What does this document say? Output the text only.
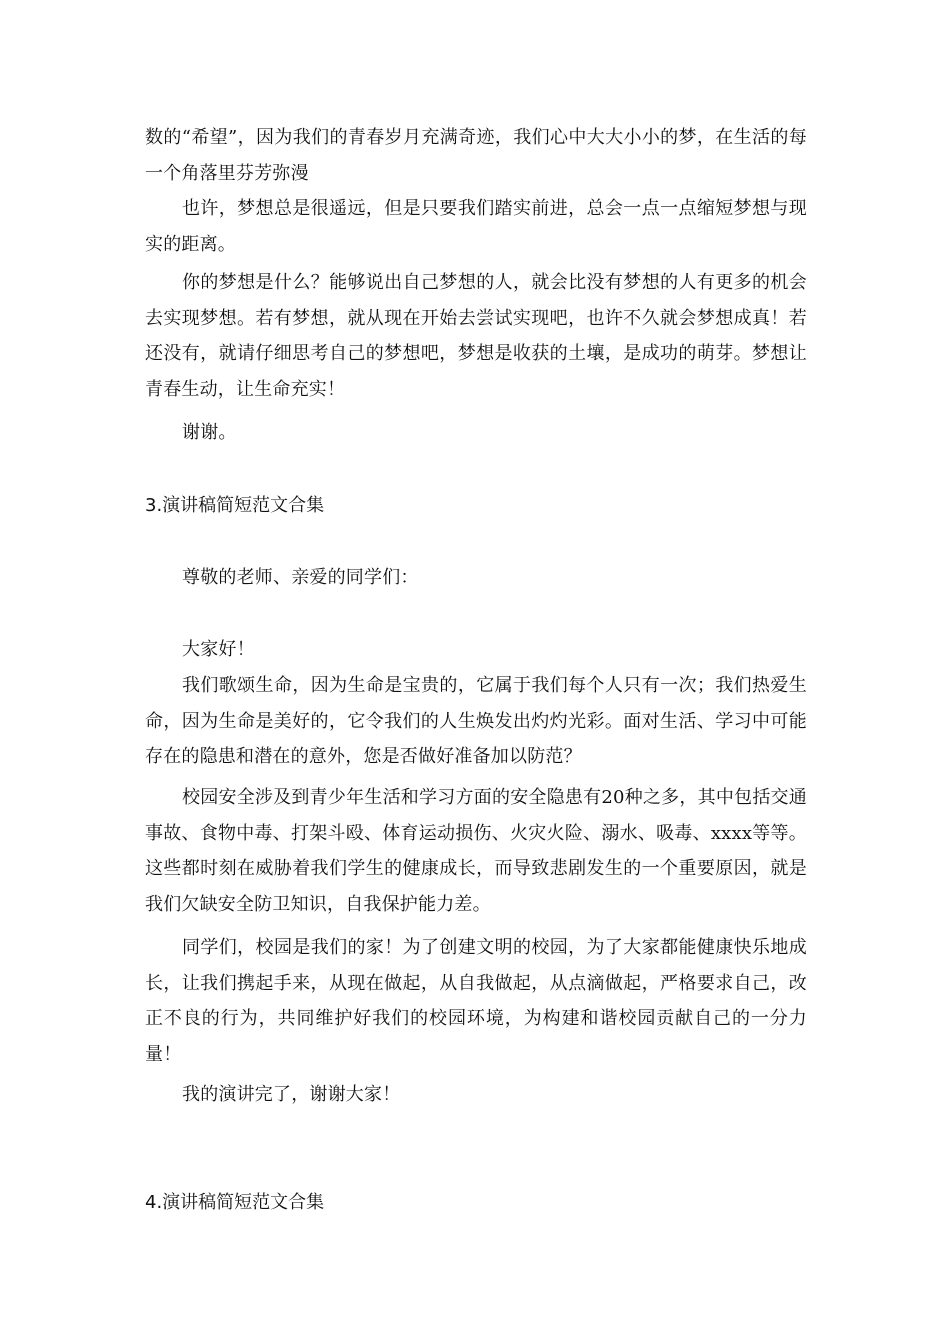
数的“希望”，因为我们的青春岁月充满奇迹，我们心中大大小小的梦，在生活的每一个角落里芬芳弥漫

也许，梦想总是很遥远，但是只要我们踏实前进，总会一点一点缩短梦想与现实的距离。

你的梦想是什么？能够说出自己梦想的人，就会比没有梦想的人有更多的机会去实现梦想。若有梦想，就从现在开始去尝试实现吧，也许不久就会梦想成真！若还没有，就请仔细思考自己的梦想吧，梦想是收获的土壤，是成功的萌芽。梦想让青春生动，让生命充实！

谢谢。

3.演讲稿简短范文合集

尊敬的老师、亲爱的同学们：

大家好！

我们歌颂生命，因为生命是宝贵的，它属于我们每个人只有一次；我们热爱生命，因为生命是美好的，它令我们的人生焕发出灼灼光彩。面对生活、学习中可能存在的隐患和潜在的意外，您是否做好准备加以防范？

校园安全涉及到青少年生活和学习方面的安全隐患有20种之多，其中包括交通事故、食物中毒、打架斗殴、体育运动损伤、火灾火险、溺水、吸毒、xxxx等等。这些都时刻在威胁着我们学生的健康成长，而导致悲剧发生的一个重要原因，就是我们欠缺安全防卫知识，自我保护能力差。

同学们，校园是我们的家！为了创建文明的校园，为了大家都能健康快乐地成长，让我们携起手来，从现在做起，从自我做起，从点滴做起，严格要求自己，改正不良的行为，共同维护好我们的校园环境，为构建和谐校园贡献自己的一分力量！

我的演讲完了，谢谢大家！

4.演讲稿简短范文合集
